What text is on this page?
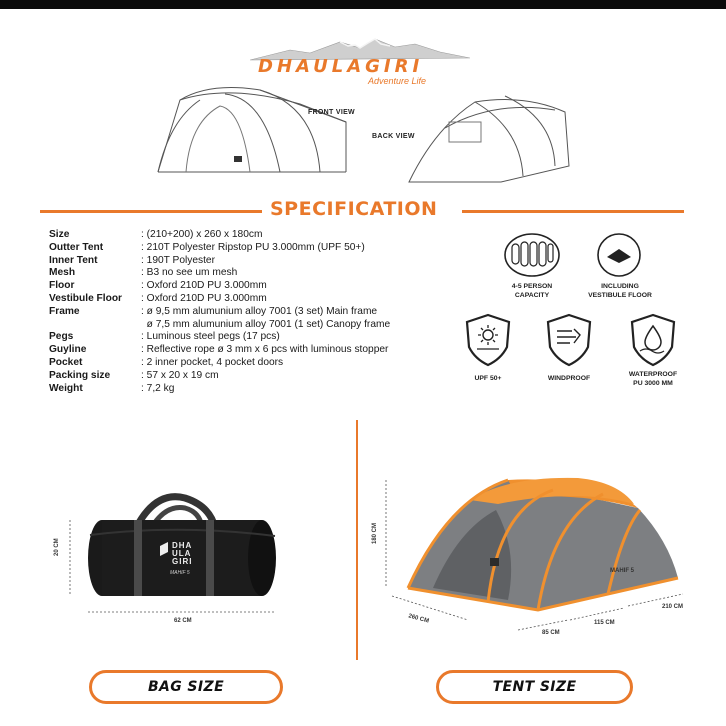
DHAULAGIRI
Adventure Life
FRONT VIEW
BACK VIEW
SPECIFICATION
Size	: (210+200) x 260 x 180cm
Outter Tent	: 210T Polyester Ripstop PU 3.000mm (UPF 50+)
Inner Tent	: 190T Polyester
Mesh	: B3 no see um mesh
Floor	: Oxford 210D PU 3.000mm
Vestibule Floor	: Oxford 210D PU 3.000mm
Frame	: ø 9,5 mm alumunium alloy 7001 (3 set) Main frame
ø 7,5 mm alumunium alloy 7001 (1 set) Canopy frame
Pegs	: Luminous steel pegs (17 pcs)
Guyline	: Reflective rope ø 3 mm x 6 pcs with luminous stopper
Pocket	: 2 inner pocket, 4 pocket doors
Packing size	: 57 x 20 x 19 cm
Weight	: 7,2 kg
4-5 PERSON
CAPACITY
INCLUDING
VESTIBULE FLOOR
UPF 50+	WINDPROOF
WATERPROOF
PU 3000 MM
DHA
ULA
GIRI
MAHIF 5
20 CM
62 CM
MAHIF 5
180 CM
260 CM
85 CM
115 CM
210 CM
BAG SIZE	TENT SIZE
